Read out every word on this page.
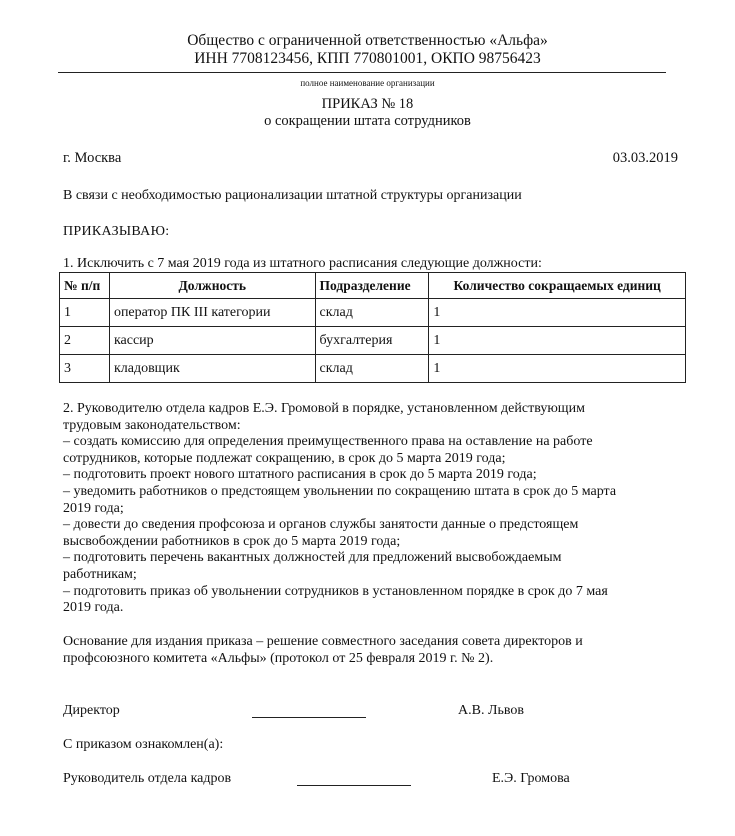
Общество с ограниченной ответственностью «Альфа»
ИНН 7708123456, КПП 770801001, ОКПО 98756423
полное наименование организации
ПРИКАЗ № 18
о сокращении штата сотрудников
г. Москва	03.03.2019
В связи с необходимостью рационализации штатной структуры организации
ПРИКАЗЫВАЮ:
1. Исключить с 7 мая 2019 года из штатного расписания следующие должности:
№ п/п	Должность	Подразделение	Количество сокращаемых единиц
1	оператор ПК III категории	склад	1
2	кассир	бухгалтерия	1
3	кладовщик	склад	1
2. Руководителю отдела кадров Е.Э. Громовой в порядке, установленном действующим
трудовым законодательством:
– создать комиссию для определения преимущественного права на оставление на работе
сотрудников, которые подлежат сокращению, в срок до 5 марта 2019 года;
– подготовить проект нового штатного расписания в срок до 5 марта 2019 года;
– уведомить работников о предстоящем увольнении по сокращению штата в срок до 5 марта
2019 года;
– довести до сведения профсоюза и органов службы занятости данные о предстоящем
высвобождении работников в срок до 5 марта 2019 года;
– подготовить перечень вакантных должностей для предложений высвобождаемым
работникам;
– подготовить приказ об увольнении сотрудников в установленном порядке в срок до 7 мая
2019 года.
Основание для издания приказа – решение совместного заседания совета директоров и
профсоюзного комитета «Альфы» (протокол от 25 февраля 2019 г. № 2).
Директор	А.В. Львов
С приказом ознакомлен(а):
Руководитель отдела кадров	Е.Э. Громова
